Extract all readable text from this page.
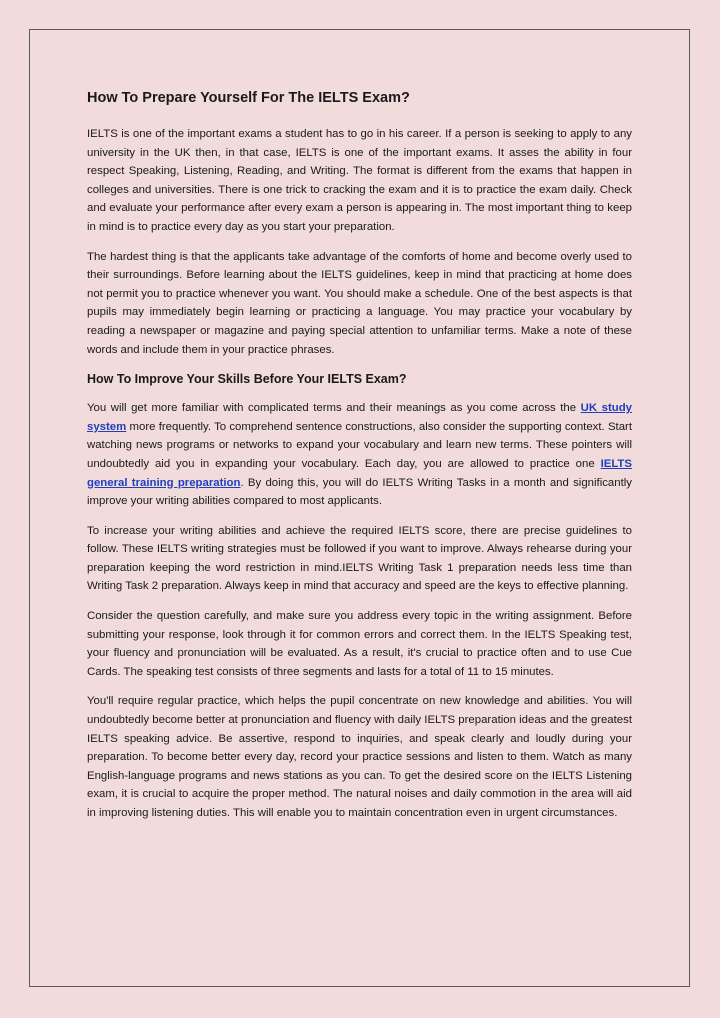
How To Prepare Yourself For The IELTS Exam?

IELTS is one of the important exams a student has to go in his career. If a person is seeking to apply to any university in the UK then, in that case, IELTS is one of the important exams. It asses the ability in four respect Speaking, Listening, Reading, and Writing. The format is different from the exams that happen in colleges and universities. There is one trick to cracking the exam and it is to practice the exam daily. Check and evaluate your performance after every exam a person is appearing in. The most important thing to keep in mind is to practice every day as you start your preparation.

The hardest thing is that the applicants take advantage of the comforts of home and become overly used to their surroundings. Before learning about the IELTS guidelines, keep in mind that practicing at home does not permit you to practice whenever you want. You should make a schedule. One of the best aspects is that pupils may immediately begin learning or practicing a language. You may practice your vocabulary by reading a newspaper or magazine and paying special attention to unfamiliar terms. Make a note of these words and include them in your practice phrases.

How To Improve Your Skills Before Your IELTS Exam?

You will get more familiar with complicated terms and their meanings as you come across the UK study system more frequently. To comprehend sentence constructions, also consider the supporting context. Start watching news programs or networks to expand your vocabulary and learn new terms. These pointers will undoubtedly aid you in expanding your vocabulary. Each day, you are allowed to practice one IELTS general training preparation. By doing this, you will do IELTS Writing Tasks in a month and significantly improve your writing abilities compared to most applicants.

To increase your writing abilities and achieve the required IELTS score, there are precise guidelines to follow. These IELTS writing strategies must be followed if you want to improve. Always rehearse during your preparation keeping the word restriction in mind.IELTS Writing Task 1 preparation needs less time than Writing Task 2 preparation. Always keep in mind that accuracy and speed are the keys to effective planning.

Consider the question carefully, and make sure you address every topic in the writing assignment. Before submitting your response, look through it for common errors and correct them. In the IELTS Speaking test, your fluency and pronunciation will be evaluated. As a result, it's crucial to practice often and to use Cue Cards. The speaking test consists of three segments and lasts for a total of 11 to 15 minutes.

You'll require regular practice, which helps the pupil concentrate on new knowledge and abilities. You will undoubtedly become better at pronunciation and fluency with daily IELTS preparation ideas and the greatest IELTS speaking advice. Be assertive, respond to inquiries, and speak clearly and loudly during your preparation. To become better every day, record your practice sessions and listen to them. Watch as many English-language programs and news stations as you can. To get the desired score on the IELTS Listening exam, it is crucial to acquire the proper method. The natural noises and daily commotion in the area will aid in improving listening duties. This will enable you to maintain concentration even in urgent circumstances.
